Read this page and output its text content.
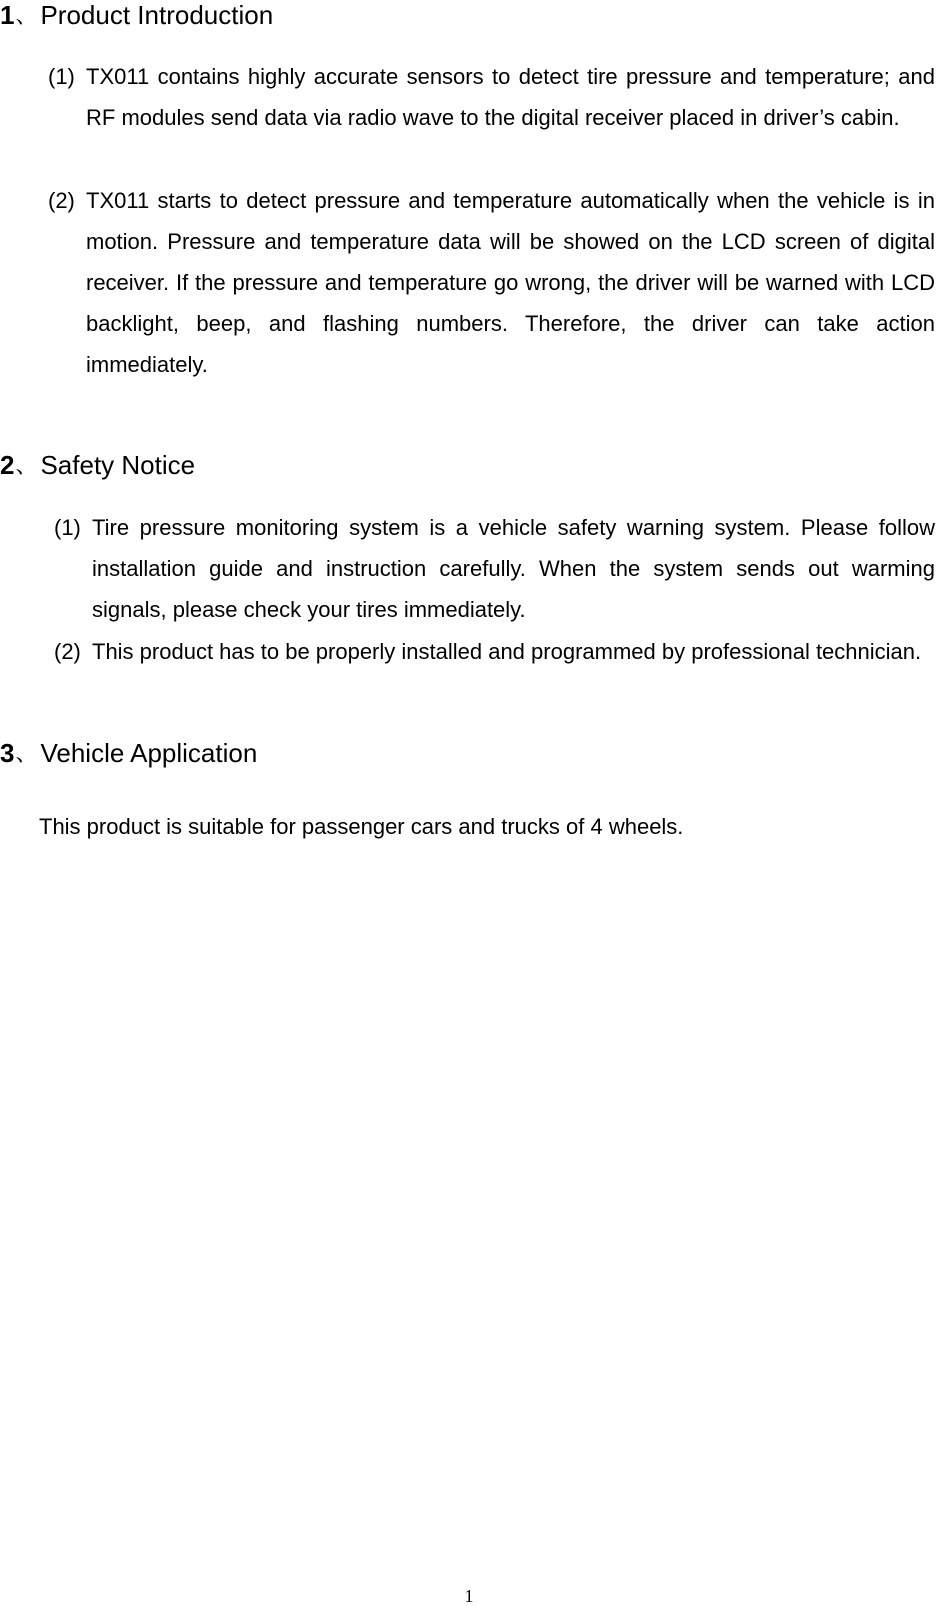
1、 Product Introduction
(1) TX011 contains highly accurate sensors to detect tire pressure and temperature; and RF modules send data via radio wave to the digital receiver placed in driver’s cabin.
(2) TX011 starts to detect pressure and temperature automatically when the vehicle is in motion. Pressure and temperature data will be showed on the LCD screen of digital receiver. If the pressure and temperature go wrong, the driver will be warned with LCD backlight, beep, and flashing numbers. Therefore, the driver can take action immediately.
2、 Safety Notice
(1) Tire pressure monitoring system is a vehicle safety warning system. Please follow installation guide and instruction carefully. When the system sends out warming signals, please check your tires immediately.
(2) This product has to be properly installed and programmed by professional technician.
3、 Vehicle Application
This product is suitable for passenger cars and trucks of 4 wheels.
1
